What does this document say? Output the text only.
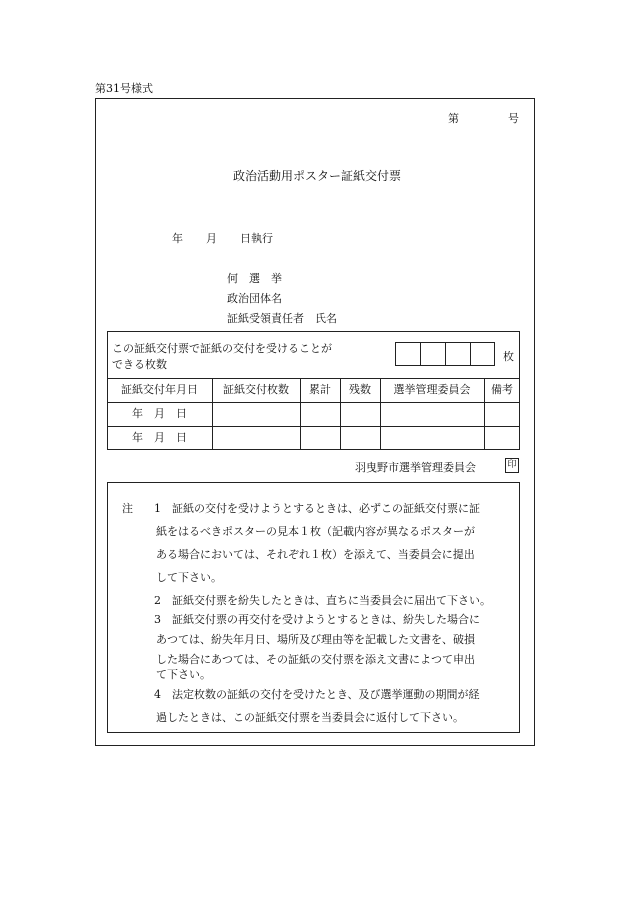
第31号様式
第	号
政治活動用ポスター証紙交付票
年 月 日執行
何　選　挙
政治団体名
証紙受領責任者　氏名
この証紙交付票で証紙の交付を受けることが
できる枚数
枚
証紙交付年月日	証紙交付枚数	累計	残数	選挙管理委員会	備考
年　月　日
年　月　日
羽曳野市選挙管理委員会	印
注 1 証紙の交付を受けようとするときは、必ずこの証紙交付票に証
紙をはるべきポスターの見本１枚（記載内容が異なるポスターが
ある場合においては、それぞれ１枚）を添えて、当委員会に提出
して下さい。
2 証紙交付票を紛失したときは、直ちに当委員会に届出て下さい。
3 証紙交付票の再交付を受けようとするときは、紛失した場合に
あつては、紛失年月日、場所及び理由等を記載した文書を、破損
した場合にあつては、その証紙の交付票を添え文書によつて申出
て下さい。
4 法定枚数の証紙の交付を受けたとき、及び選挙運動の期間が経
過したときは、この証紙交付票を当委員会に返付して下さい。
